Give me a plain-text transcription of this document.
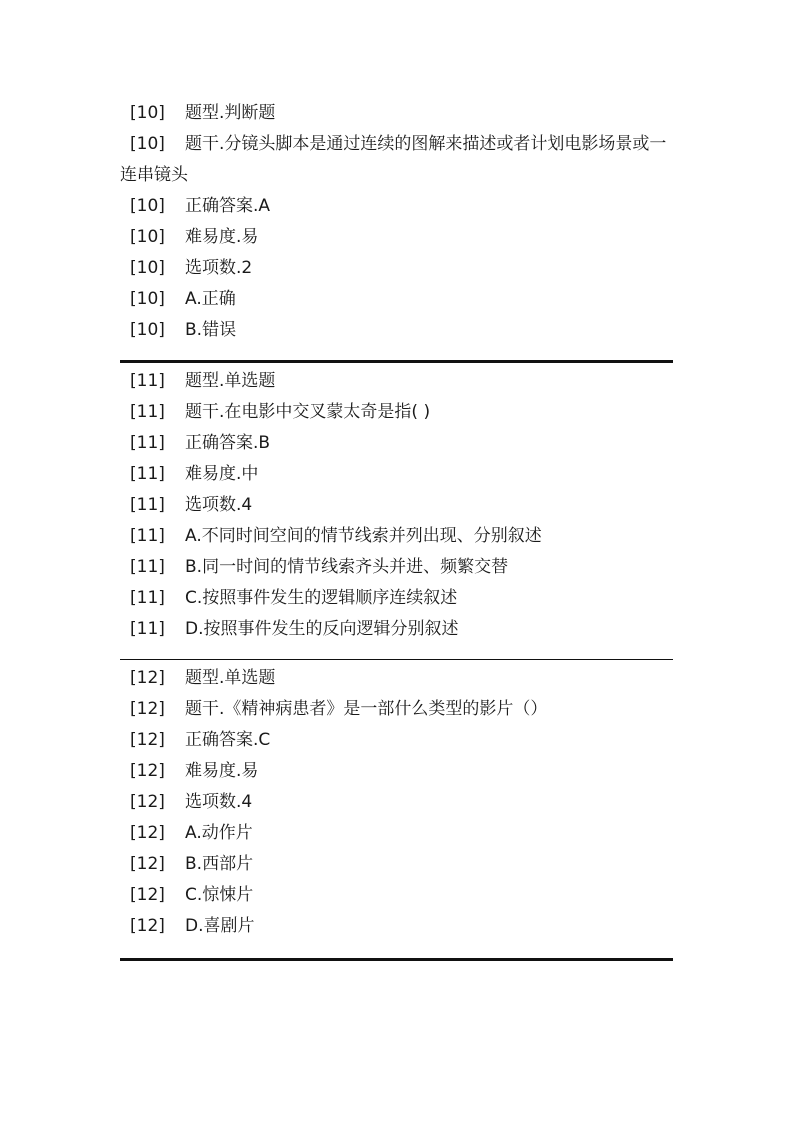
[10] 题型.判断题
[10] 题干.分镜头脚本是通过连续的图解来描述或者计划电影场景或一连串镜头
[10] 正确答案.A
[10] 难易度.易
[10] 选项数.2
[10] A.正确
[10] B.错误
[11] 题型.单选题
[11] 题干.在电影中交叉蒙太奇是指( )
[11] 正确答案.B
[11] 难易度.中
[11] 选项数.4
[11] A.不同时间空间的情节线索并列出现、分别叙述
[11] B.同一时间的情节线索齐头并进、频繁交替
[11] C.按照事件发生的逻辑顺序连续叙述
[11] D.按照事件发生的反向逻辑分别叙述
[12] 题型.单选题
[12] 题干.《精神病患者》是一部什么类型的影片（）
[12] 正确答案.C
[12] 难易度.易
[12] 选项数.4
[12] A.动作片
[12] B.西部片
[12] C.惊悚片
[12] D.喜剧片
